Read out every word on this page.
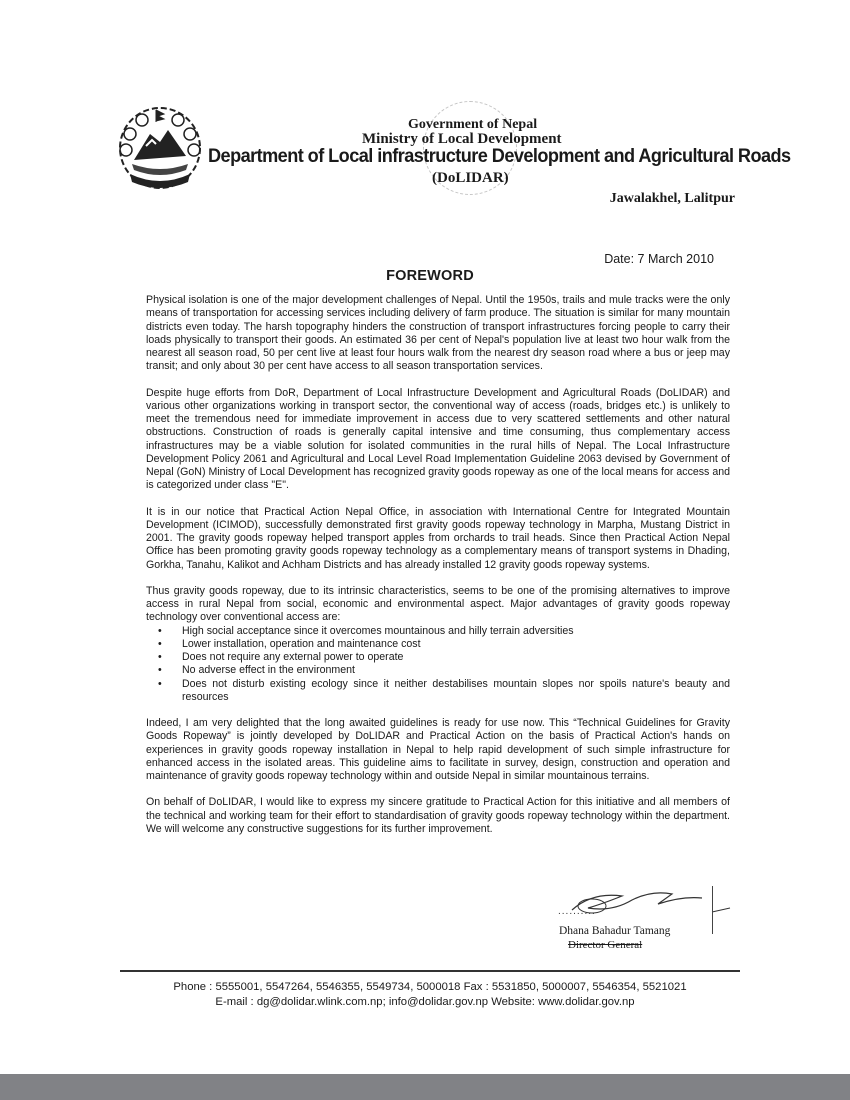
Government of Nepal
Ministry of Local Development
Department of Local infrastructure Development and Agricultural Roads
(DoLIDAR)
Jawalakhel, Lalitpur
Date: 7 March 2010
FOREWORD

Physical isolation is one of the major development challenges of Nepal. Until the 1950s, trails and mule tracks were the only means of transportation for accessing services including delivery of farm produce. The situation is similar for many mountain districts even today. The harsh topography hinders the construction of transport infrastructures forcing people to carry their loads physically to transport their goods. An estimated 36 per cent of Nepal's population live at least two hour walk from the nearest all season road, 50 per cent live at least four hours walk from the nearest dry season road where a bus or jeep may transit; and only about 30 per cent have access to all season transportation services.

Despite huge efforts from DoR, Department of Local Infrastructure Development and Agricultural Roads (DoLIDAR) and various other organizations working in transport sector, the conventional way of access (roads, bridges etc.) is unlikely to meet the tremendous need for immediate improvement in access due to very scattered settlements and other natural obstructions. Construction of roads is generally capital intensive and time consuming, thus complementary access infrastructures may be a viable solution for isolated communities in the rural hills of Nepal. The Local Infrastructure Development Policy 2061 and Agricultural and Local Level Road Implementation Guideline 2063 devised by Government of Nepal (GoN) Ministry of Local Development has recognized gravity goods ropeway as one of the local means for access and is categorized under class "E".

It is in our notice that Practical Action Nepal Office, in association with International Centre for Integrated Mountain Development (ICIMOD), successfully demonstrated first gravity goods ropeway technology in Marpha, Mustang District in 2001. The gravity goods ropeway helped transport apples from orchards to trail heads. Since then Practical Action Nepal Office has been promoting gravity goods ropeway technology as a complementary means of transport systems in Dhading, Gorkha, Tanahu, Kalikot and Achham Districts and has already installed 12 gravity goods ropeway systems.

Thus gravity goods ropeway, due to its intrinsic characteristics, seems to be one of the promising alternatives to improve access in rural Nepal from social, economic and environmental aspect. Major advantages of gravity goods ropeway technology over conventional access are:

• High social acceptance since it overcomes mountainous and hilly terrain adversities
• Lower installation, operation and maintenance cost
• Does not require any external power to operate
• No adverse effect in the environment
• Does not disturb existing ecology since it neither destabilises mountain slopes nor spoils nature's beauty and resources

Indeed, I am very delighted that the long awaited guidelines is ready for use now. This “Technical Guidelines for Gravity Goods Ropeway” is jointly developed by DoLIDAR and Practical Action on the basis of Practical Action's hands on experiences in gravity goods ropeway installation in Nepal to help rapid development of such simple infrastructure for enhanced access in the isolated areas. This guideline aims to facilitate in survey, design, construction and operation and maintenance of gravity goods ropeway technology within and outside Nepal in similar mountainous terrains.

On behalf of DoLIDAR, I would like to express my sincere gratitude to Practical Action for this initiative and all members of the technical and working team for their effort to standardisation of gravity goods ropeway technology within the department. We will welcome any constructive suggestions for its further improvement.

..........
Dhana Bahadur Tamang
Director General
Phone : 5555001, 5547264, 5546355, 5549734, 5000018 Fax : 5531850, 5000007, 5546354, 5521021
E-mail : dg@dolidar.wlink.com.np; info@dolidar.gov.np Website: www.dolidar.gov.np
